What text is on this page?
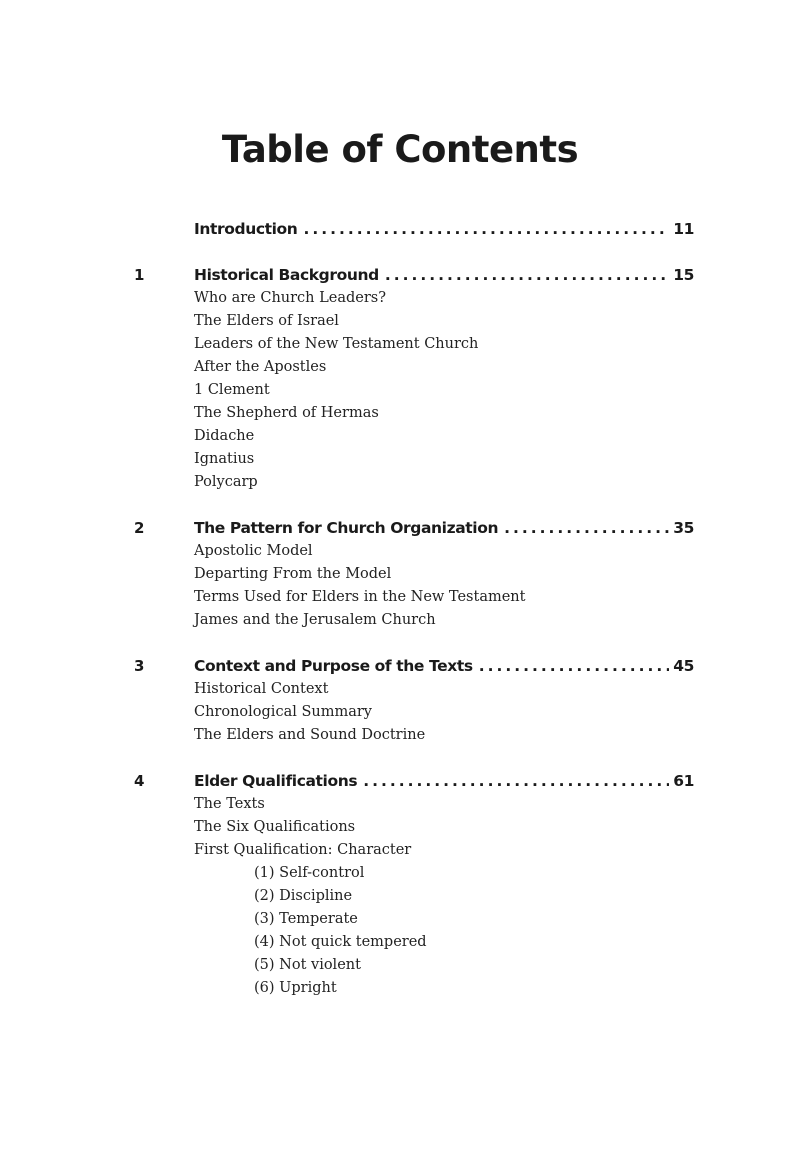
Table of Contents
Introduction . . .	11
1	Historical Background . . .	15
Who are Church Leaders?
The Elders of Israel
Leaders of the New Testament Church
After the Apostles
1 Clement
The Shepherd of Hermas
Didache
Ignatius
Polycarp
2	The Pattern for Church Organization . . .	35
Apostolic Model
Departing From the Model
Terms Used for Elders in the New Testament
James and the Jerusalem Church
3	Context and Purpose of the Texts . . .	45
Historical Context
Chronological Summary
The Elders and Sound Doctrine
4	Elder Qualifications . . .	61
The Texts
The Six Qualifications
First Qualification: Character
(1) Self-control
(2) Discipline
(3) Temperate
(4) Not quick tempered
(5) Not violent
(6) Upright
